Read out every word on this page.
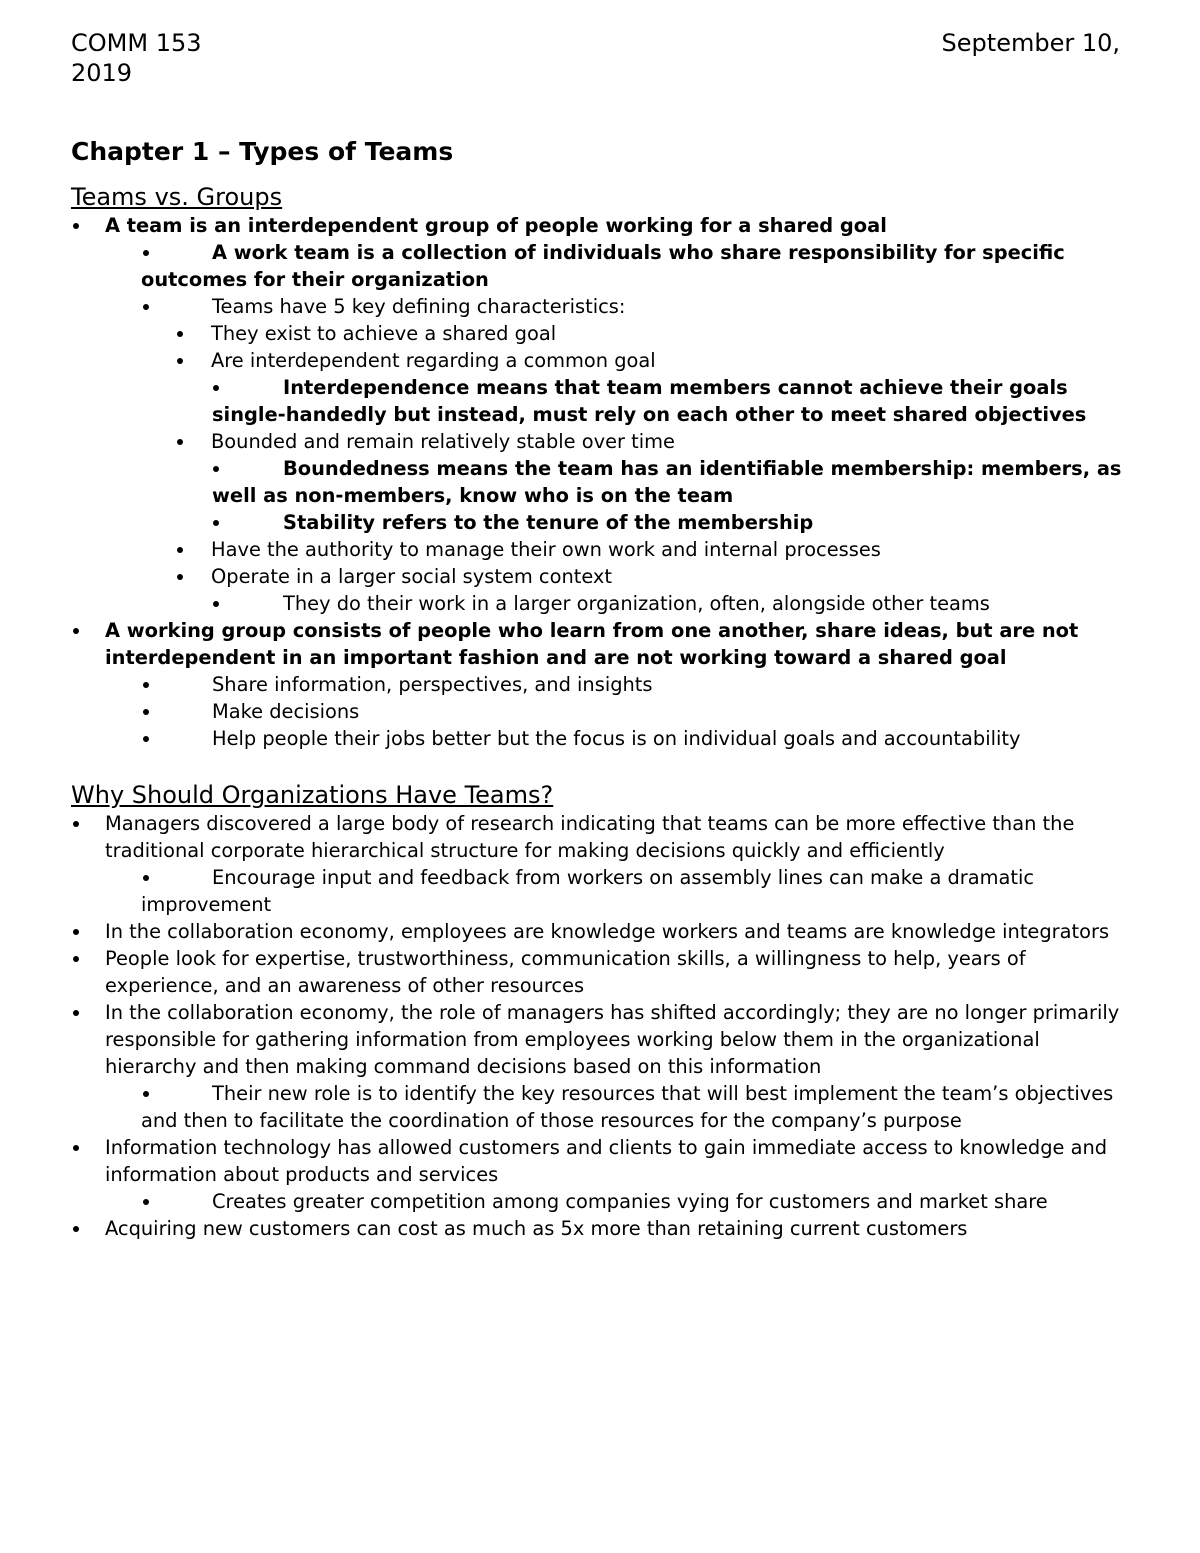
COMM 153	September 10,
2019
Chapter 1 – Types of Teams
Teams vs. Groups
A team is an interdependent group of people working for a shared goal
A work team is a collection of individuals who share responsibility for specific outcomes for their organization
Teams have 5 key defining characteristics:
They exist to achieve a shared goal
Are interdependent regarding a common goal
Interdependence means that team members cannot achieve their goals single-handedly but instead, must rely on each other to meet shared objectives
Bounded and remain relatively stable over time
Boundedness means the team has an identifiable membership: members, as well as non-members, know who is on the team
Stability refers to the tenure of the membership
Have the authority to manage their own work and internal processes
Operate in a larger social system context
They do their work in a larger organization, often, alongside other teams
A working group consists of people who learn from one another, share ideas, but are not interdependent in an important fashion and are not working toward a shared goal
Share information, perspectives, and insights
Make decisions
Help people their jobs better but the focus is on individual goals and accountability
Why Should Organizations Have Teams?
Managers discovered a large body of research indicating that teams can be more effective than the traditional corporate hierarchical structure for making decisions quickly and efficiently
Encourage input and feedback from workers on assembly lines can make a dramatic improvement
In the collaboration economy, employees are knowledge workers and teams are knowledge integrators
People look for expertise, trustworthiness, communication skills, a willingness to help, years of experience, and an awareness of other resources
In the collaboration economy, the role of managers has shifted accordingly; they are no longer primarily responsible for gathering information from employees working below them in the organizational hierarchy and then making command decisions based on this information
Their new role is to identify the key resources that will best implement the team’s objectives and then to facilitate the coordination of those resources for the company’s purpose
Information technology has allowed customers and clients to gain immediate access to knowledge and information about products and services
Creates greater competition among companies vying for customers and market share
Acquiring new customers can cost as much as 5x more than retaining current customers
